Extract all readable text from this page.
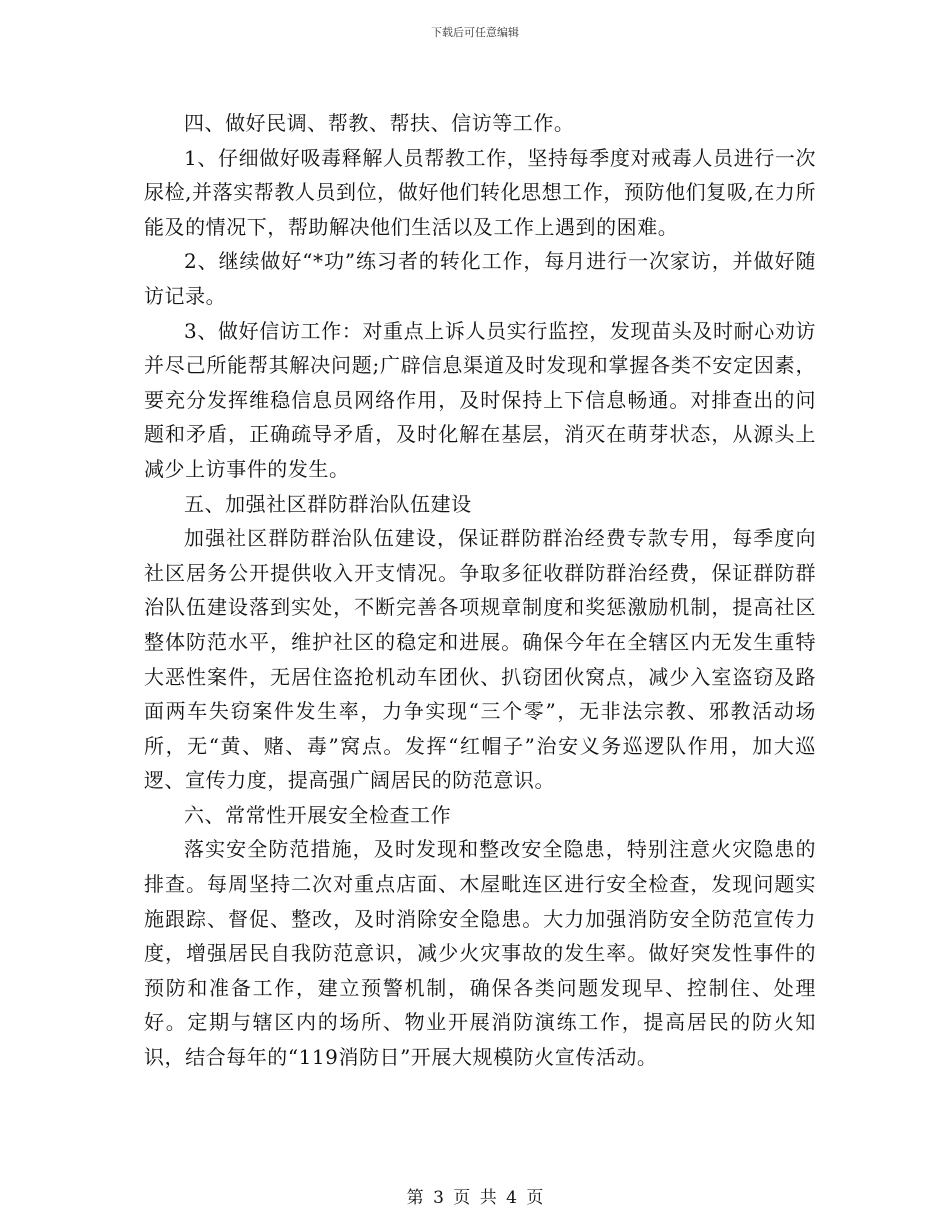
下载后可任意编辑

四、做好民调、帮教、帮扶、信访等工作。

1、仔细做好吸毒释解人员帮教工作，坚持每季度对戒毒人员进行一次尿检,并落实帮教人员到位，做好他们转化思想工作，预防他们复吸,在力所能及的情况下，帮助解决他们生活以及工作上遇到的困难。

2、继续做好“*功”练习者的转化工作，每月进行一次家访，并做好随访记录。

3、做好信访工作：对重点上诉人员实行监控，发现苗头及时耐心劝访并尽己所能帮其解决问题;广辟信息渠道及时发现和掌握各类不安定因素，要充分发挥维稳信息员网络作用，及时保持上下信息畅通。对排查出的问题和矛盾，正确疏导矛盾，及时化解在基层，消灭在萌芽状态，从源头上减少上访事件的发生。

五、加强社区群防群治队伍建设

加强社区群防群治队伍建设，保证群防群治经费专款专用，每季度向社区居务公开提供收入开支情况。争取多征收群防群治经费，保证群防群治队伍建设落到实处，不断完善各项规章制度和奖惩激励机制，提高社区整体防范水平，维护社区的稳定和进展。确保今年在全辖区内无发生重特大恶性案件，无居住盗抢机动车团伙、扒窃团伙窝点，减少入室盗窃及路面两车失窃案件发生率，力争实现“三个零”，无非法宗教、邪教活动场所，无“黄、赌、毒”窝点。发挥“红帽子”治安义务巡逻队作用，加大巡逻、宣传力度，提高强广阔居民的防范意识。

六、常常性开展安全检查工作

落实安全防范措施，及时发现和整改安全隐患，特别注意火灾隐患的排查。每周坚持二次对重点店面、木屋毗连区进行安全检查，发现问题实施跟踪、督促、整改，及时消除安全隐患。大力加强消防安全防范宣传力度，增强居民自我防范意识，减少火灾事故的发生率。做好突发性事件的预防和准备工作，建立预警机制，确保各类问题发现早、控制住、处理好。定期与辖区内的场所、物业开展消防演练工作，提高居民的防火知识，结合每年的“119消防日”开展大规模防火宣传活动。

第 3 页 共 4 页
